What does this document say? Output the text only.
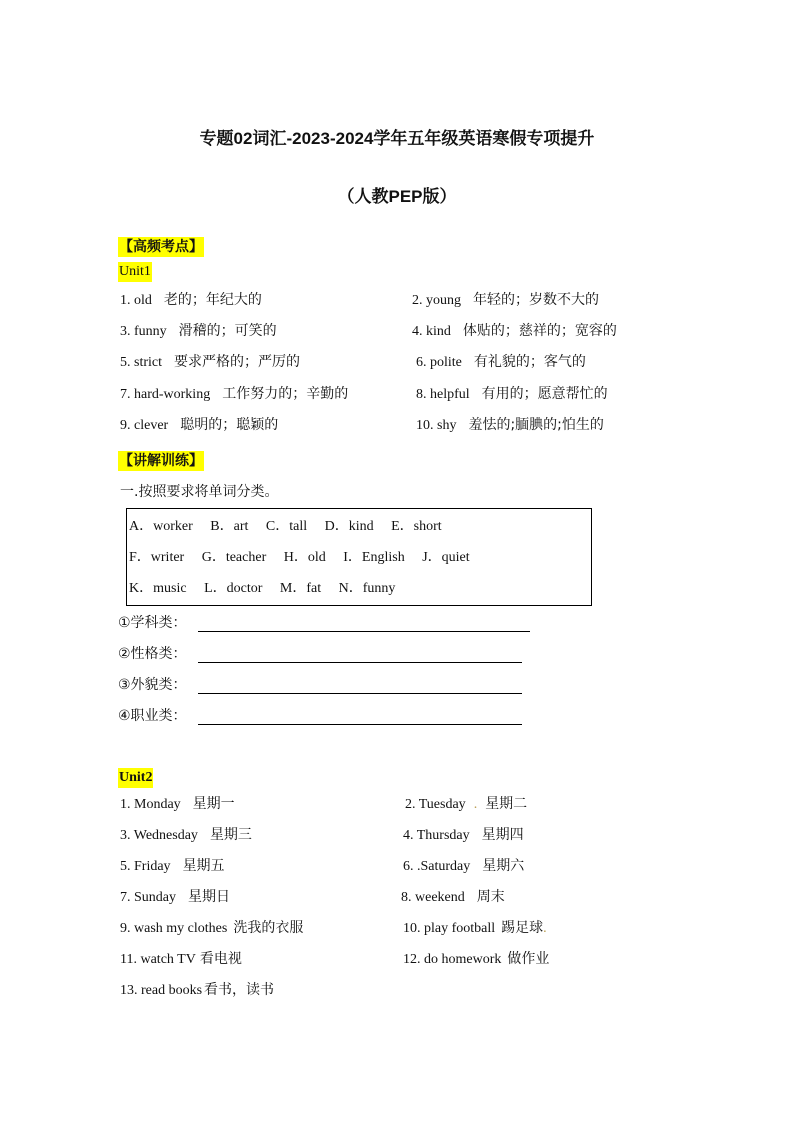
专题02词汇-2023-2024学年五年级英语寒假专项提升
（人教PEP版）
【高频考点】
Unit1
1. old 老的；年纪大的	2. young 年轻的；岁数不大的
3. funny 滑稽的；可笑的	4. kind 体贴的；慈祥的；宽容的
5. strict 要求严格的；严厉的	6. polite 有礼貌的；客气的
7. hard-working 工作努力的；辛勤的	8. helpful 有用的；愿意帮忙的
9. clever 聪明的；聪颖的	10. shy 羞怯的;腼腆的;怕生的
【讲解训练】
一.按照要求将单词分类。
A．worker B．art C．tall D．kind E．short
F．writer G．teacher H．old I．English J．quiet
K．music L．doctor M．fat N．funny
①学科类：
②性格类：
③外貌类：
④职业类：
Unit2
1. Monday 星期一	2. Tuesday . 星期二
3. Wednesday 星期三	4. Thursday 星期四
5. Friday 星期五	6. .Saturday 星期六
7. Sunday 星期日	8. weekend 周末
9. wash my clothes 洗我的衣服	10. play football 踢足球.
11. watch TV 看电视	12. do homework 做作业
13. read books 看书，读书
